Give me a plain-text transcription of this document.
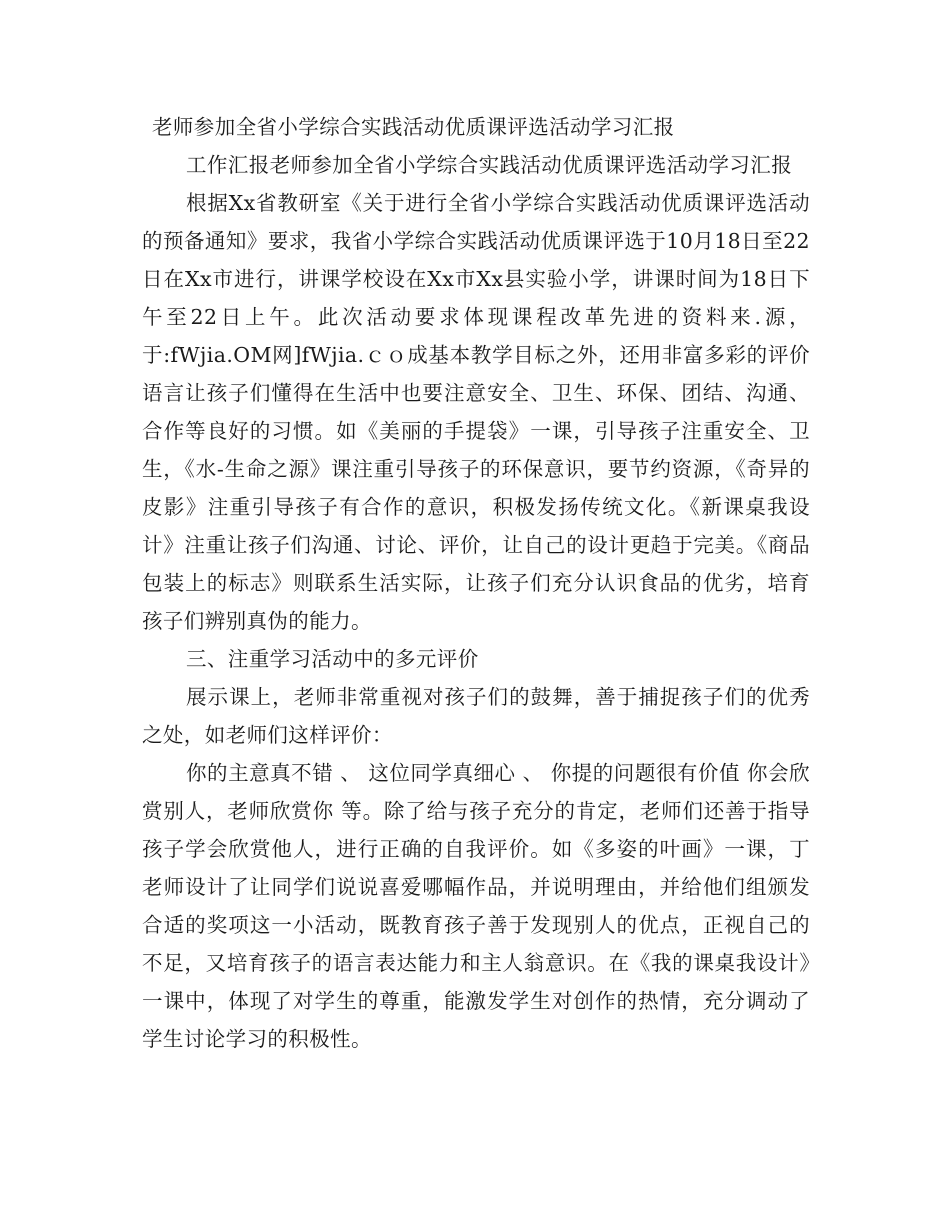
老师参加全省小学综合实践活动优质课评选活动学习汇报

工作汇报老师参加全省小学综合实践活动优质课评选活动学习汇报

根据Xx省教研室《关于进行全省小学综合实践活动优质课评选活动的预备通知》要求，我省小学综合实践活动优质课评选于10月18日至22日在Xx市进行，讲课学校设在Xx市Xx县实验小学，讲课时间为18日下午至22日上午。此次活动要求体现课程改革先进的资料来.源，于:fWjia.OM网]fWjia.ｃｏ成基本教学目标之外，还用非富多彩的评价语言让孩子们懂得在生活中也要注意安全、卫生、环保、团结、沟通、合作等良好的习惯。如《美丽的手提袋》一课，引导孩子注重安全、卫生，《水-生命之源》课注重引导孩子的环保意识，要节约资源，《奇异的皮影》注重引导孩子有合作的意识，积极发扬传统文化。《新课桌我设计》注重让孩子们沟通、讨论、评价，让自己的设计更趋于完美。《商品包装上的标志》则联系生活实际，让孩子们充分认识食品的优劣，培育孩子们辨别真伪的能力。

三、注重学习活动中的多元评价

展示课上，老师非常重视对孩子们的鼓舞，善于捕捉孩子们的优秀之处，如老师们这样评价：

你的主意真不错 、 这位同学真细心 、 你提的问题很有价值 你会欣赏别人，老师欣赏你 等。除了给与孩子充分的肯定，老师们还善于指导孩子学会欣赏他人，进行正确的自我评价。如《多姿的叶画》一课，丁老师设计了让同学们说说喜爱哪幅作品，并说明理由，并给他们组颁发合适的奖项这一小活动，既教育孩子善于发现别人的优点，正视自己的不足，又培育孩子的语言表达能力和主人翁意识。在《我的课桌我设计》一课中，体现了对学生的尊重，能激发学生对创作的热情，充分调动了学生讨论学习的积极性。
